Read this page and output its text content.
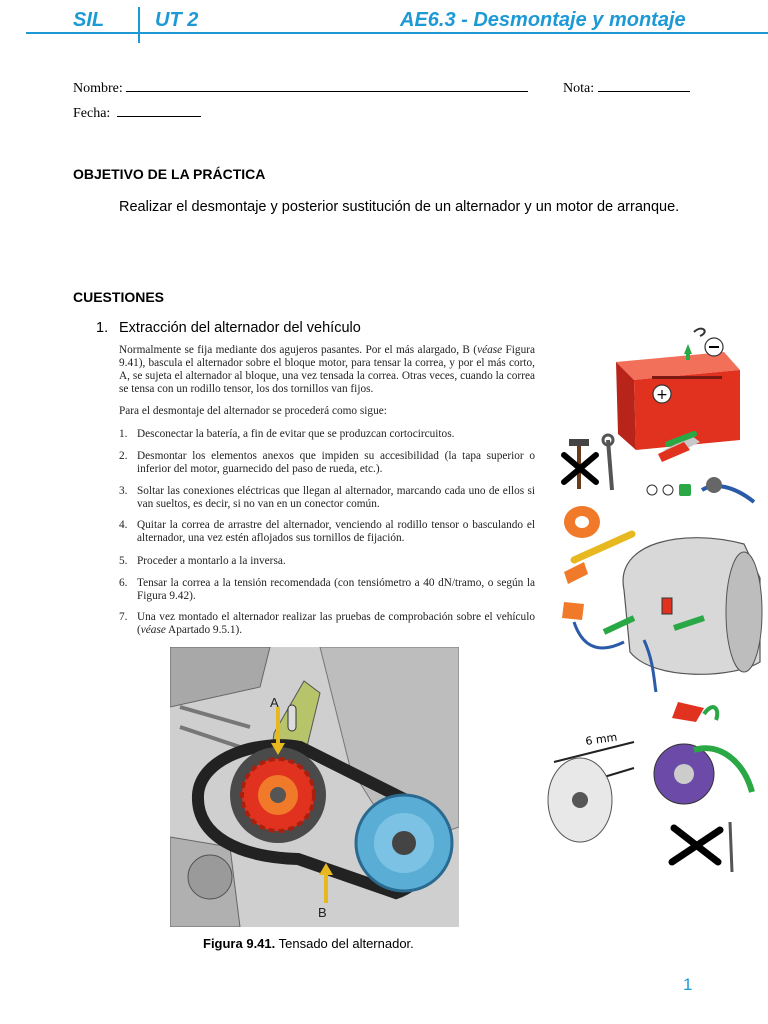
SIL	UT 2	AE6.3 - Desmontaje y montaje
Nombre:	Nota:
Fecha:
OBJETIVO DE LA PRÁCTICA
Realizar el desmontaje y posterior sustitución de un alternador y un motor de arranque.
CUESTIONES
1. Extracción del alternador del vehículo

Normalmente se fija mediante dos agujeros pasantes. Por el más alargado, B (véase Figura 9.41), bascula el alternador sobre el bloque motor, para tensar la correa, y por el más corto, A, se sujeta el alternador al bloque, una vez tensada la correa. Otras veces, cuando la correa se tensa con un rodillo tensor, los dos tornillos van fijos.

Para el desmontaje del alternador se procederá como sigue:

1. Desconectar la batería, a fin de evitar que se produzcan cortocircuitos.
2. Desmontar los elementos anexos que impiden su accesibilidad (la tapa superior o inferior del motor, guarnecido del paso de rueda, etc.).
3. Soltar las conexiones eléctricas que llegan al alternador, marcando cada uno de ellos si van sueltos, es decir, si no van en un conector común.
4. Quitar la correa de arrastre del alternador, venciendo al rodillo tensor o basculando el alternador, una vez estén aflojados sus tornillos de fijación.
5. Proceder a montarlo a la inversa.
6. Tensar la correa a la tensión recomendada (con tensiómetro a 40 dN/tramo, o según la Figura 9.42).
7. Una vez montado el alternador realizar las pruebas de comprobación sobre el vehículo (véase Apartado 9.5.1).
+
6 mm
A
B
Figura 9.41. Tensado del alternador.
1
